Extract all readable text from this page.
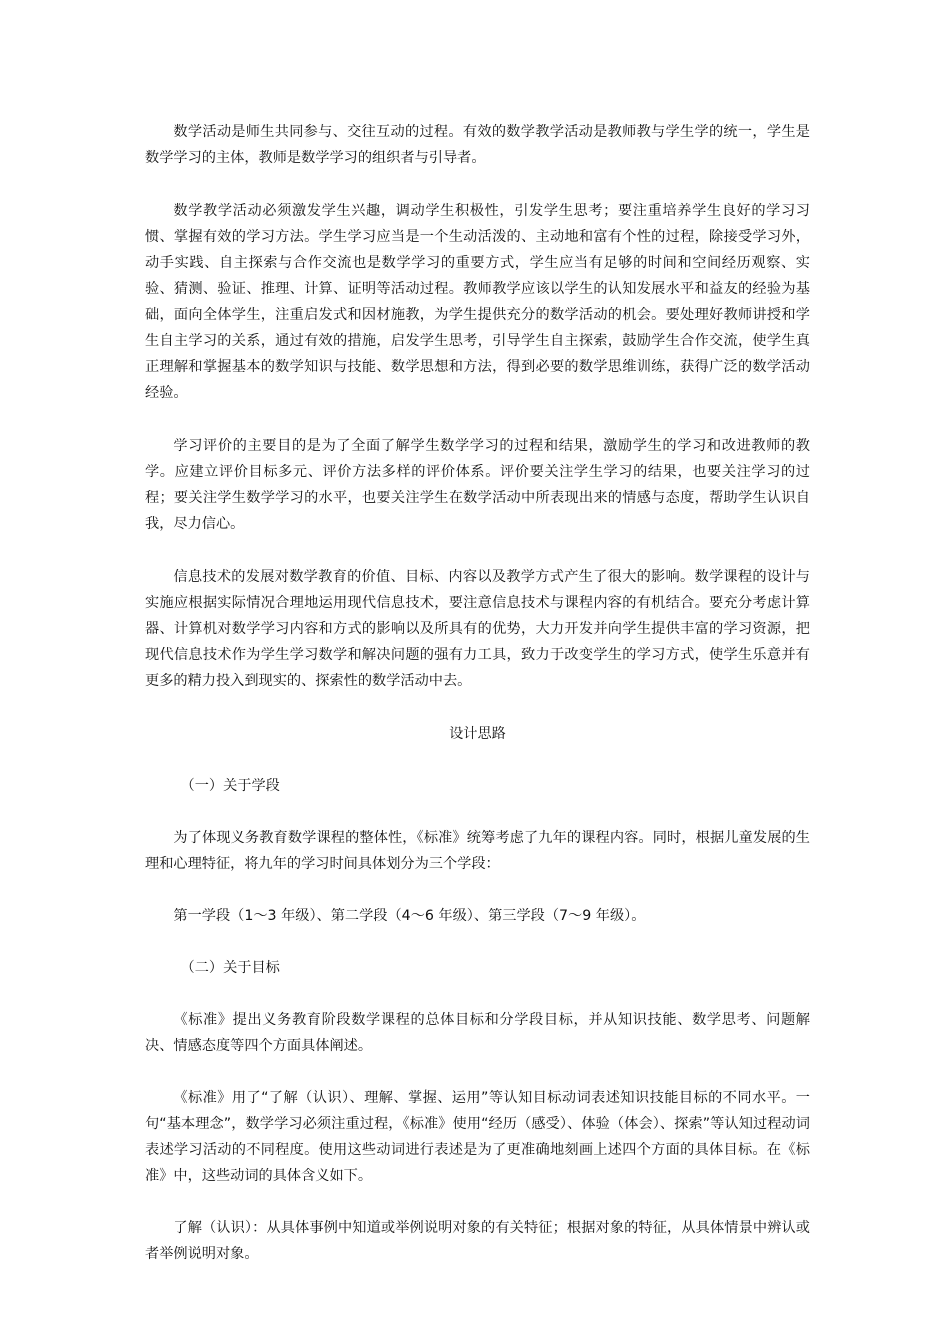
数学活动是师生共同参与、交往互动的过程。有效的数学教学活动是教师教与学生学的统一，学生是数学学习的主体，教师是数学学习的组织者与引导者。

数学教学活动必须激发学生兴趣，调动学生积极性，引发学生思考；要注重培养学生良好的学习习惯、掌握有效的学习方法。学生学习应当是一个生动活泼的、主动地和富有个性的过程，除接受学习外，动手实践、自主探索与合作交流也是数学学习的重要方式，学生应当有足够的时间和空间经历观察、实验、猜测、验证、推理、计算、证明等活动过程。教师教学应该以学生的认知发展水平和益友的经验为基础，面向全体学生，注重启发式和因材施教，为学生提供充分的数学活动的机会。要处理好教师讲授和学生自主学习的关系，通过有效的措施，启发学生思考，引导学生自主探索，鼓励学生合作交流，使学生真正理解和掌握基本的数学知识与技能、数学思想和方法，得到必要的数学思维训练，获得广泛的数学活动经验。

学习评价的主要目的是为了全面了解学生数学学习的过程和结果，激励学生的学习和改进教师的教学。应建立评价目标多元、评价方法多样的评价体系。评价要关注学生学习的结果，也要关注学习的过程；要关注学生数学学习的水平，也要关注学生在数学活动中所表现出来的情感与态度，帮助学生认识自我，尽力信心。

信息技术的发展对数学教育的价值、目标、内容以及教学方式产生了很大的影响。数学课程的设计与实施应根据实际情况合理地运用现代信息技术，要注意信息技术与课程内容的有机结合。要充分考虑计算器、计算机对数学学习内容和方式的影响以及所具有的优势，大力开发并向学生提供丰富的学习资源，把现代信息技术作为学生学习数学和解决问题的强有力工具，致力于改变学生的学习方式，使学生乐意并有更多的精力投入到现实的、探索性的数学活动中去。

设计思路

（一）关于学段

为了体现义务教育数学课程的整体性，《标准》统筹考虑了九年的课程内容。同时，根据儿童发展的生理和心理特征，将九年的学习时间具体划分为三个学段：

第一学段（1～3 年级）、第二学段（4～6 年级）、第三学段（7～9 年级）。

（二）关于目标

《标准》提出义务教育阶段数学课程的总体目标和分学段目标，并从知识技能、数学思考、问题解决、情感态度等四个方面具体阐述。

《标准》用了“了解（认识）、理解、掌握、运用”等认知目标动词表述知识技能目标的不同水平。一句“基本理念”，数学学习必须注重过程，《标准》使用“经历（感受）、体验（体会）、探索”等认知过程动词表述学习活动的不同程度。使用这些动词进行表述是为了更准确地刻画上述四个方面的具体目标。在《标准》中，这些动词的具体含义如下。

了解（认识）：从具体事例中知道或举例说明对象的有关特征；根据对象的特征，从具体情景中辨认或者举例说明对象。
